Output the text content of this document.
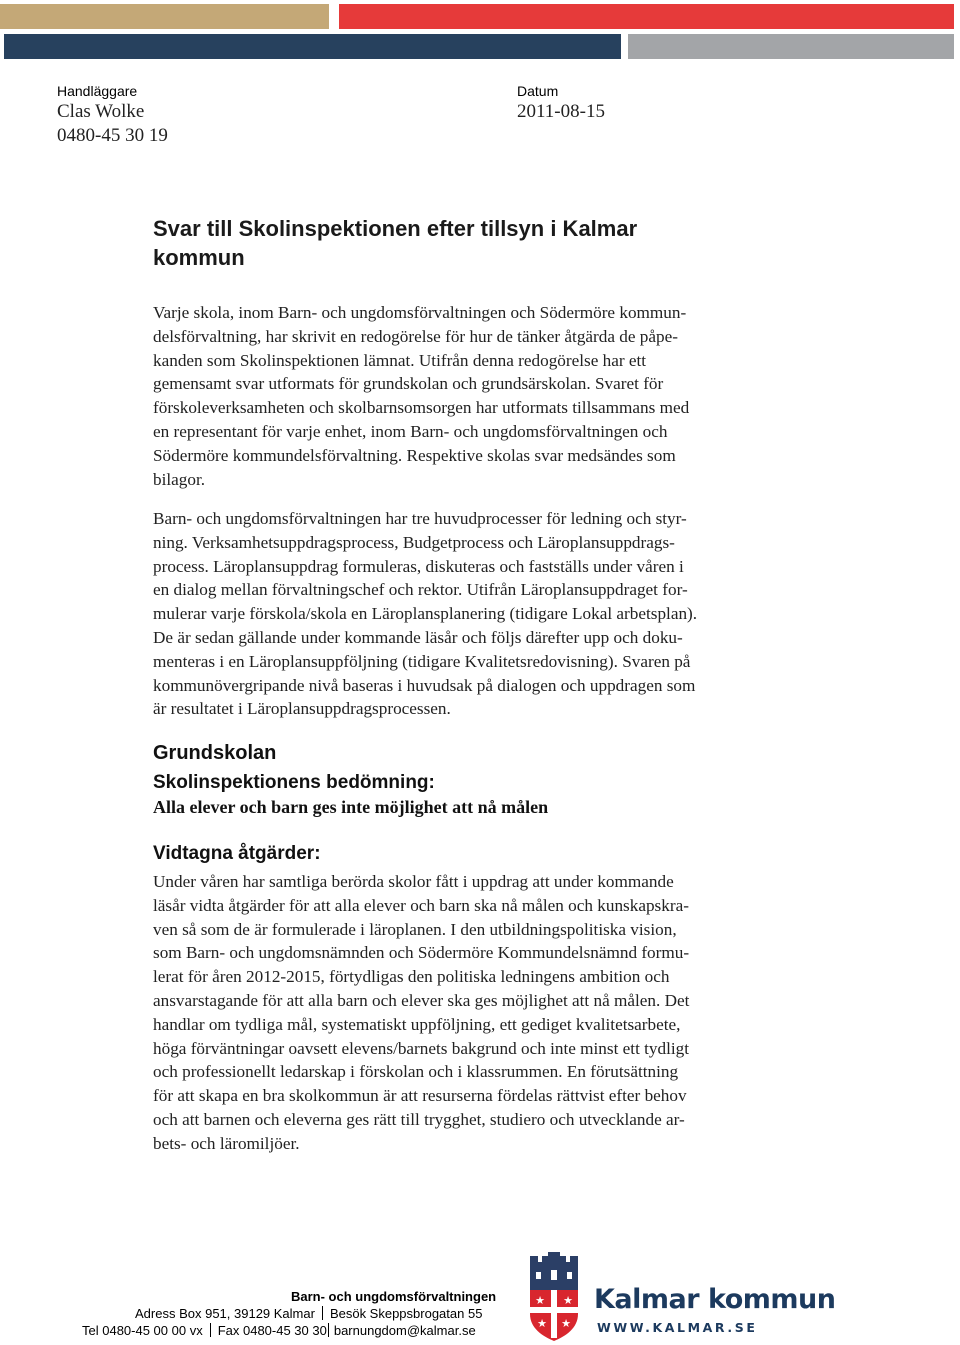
Handläggare
Clas Wolke
0480-45 30 19
Datum
2011-08-15
Svar till Skolinspektionen efter tillsyn i Kalmar
kommun

Varje skola, inom Barn- och ungdomsförvaltningen och Södermöre kommun-
delsförvaltning, har skrivit en redogörelse för hur de tänker åtgärda de påpe-
kanden som Skolinspektionen lämnat. Utifrån denna redogörelse har ett
gemensamt svar utformats för grundskolan och grundsärskolan. Svaret för
förskoleverksamheten och skolbarnsomsorgen har utformats tillsammans med
en representant för varje enhet, inom Barn- och ungdomsförvaltningen och
Södermöre kommundelsförvaltning. Respektive skolas svar medsändes som
bilagor.

Barn- och ungdomsförvaltningen har tre huvudprocesser för ledning och styr-
ning. Verksamhetsuppdragsprocess, Budgetprocess och Läroplansuppdrags-
process. Läroplansuppdrag formuleras, diskuteras och fastställs under våren i
en dialog mellan förvaltningschef och rektor. Utifrån Läroplansuppdraget for-
mulerar varje förskola/skola en Läroplansplanering (tidigare Lokal arbetsplan).
De är sedan gällande under kommande läsår och följs därefter upp och doku-
menteras i en Läroplansuppföljning (tidigare Kvalitetsredovisning). Svaren på
kommunövergripande nivå baseras i huvudsak på dialogen och uppdragen som
är resultatet i Läroplansuppdragsprocessen.

Grundskolan
Skolinspektionens bedömning:

Alla elever och barn ges inte möjlighet att nå målen

Vidtagna åtgärder:

Under våren har samtliga berörda skolor fått i uppdrag att under kommande
läsår vidta åtgärder för att alla elever och barn ska nå målen och kunskapskra-
ven så som de är formulerade i läroplanen. I den utbildningspolitiska vision,
som Barn- och ungdomsnämnden och Södermöre Kommundelsnämnd formu-
lerat för åren 2012-2015, förtydligas den politiska ledningens ambition och
ansvarstagande för att alla barn och elever ska ges möjlighet att nå målen. Det
handlar om tydliga mål, systematiskt uppföljning, ett gediget kvalitetsarbete,
höga förväntningar oavsett elevens/barnets bakgrund och inte minst ett tydligt
och professionellt ledarskap i förskolan och i klassrummen. En förutsättning
för att skapa en bra skolkommun är att resurserna fördelas rättvist efter behov
och att barnen och eleverna ges rätt till trygghet, studiero och utvecklande ar-
bets- och läromiljöer.

Barn- och ungdomsförvaltningen
Adress Box 951, 39129 Kalmar Besök Skeppsbrogatan 55
Tel 0480-45 00 00 vx Fax 0480-45 30 30 barnungdom@kalmar.se
★ ★
★ ★
Kalmar kommun
WWW.KALMAR.SE
